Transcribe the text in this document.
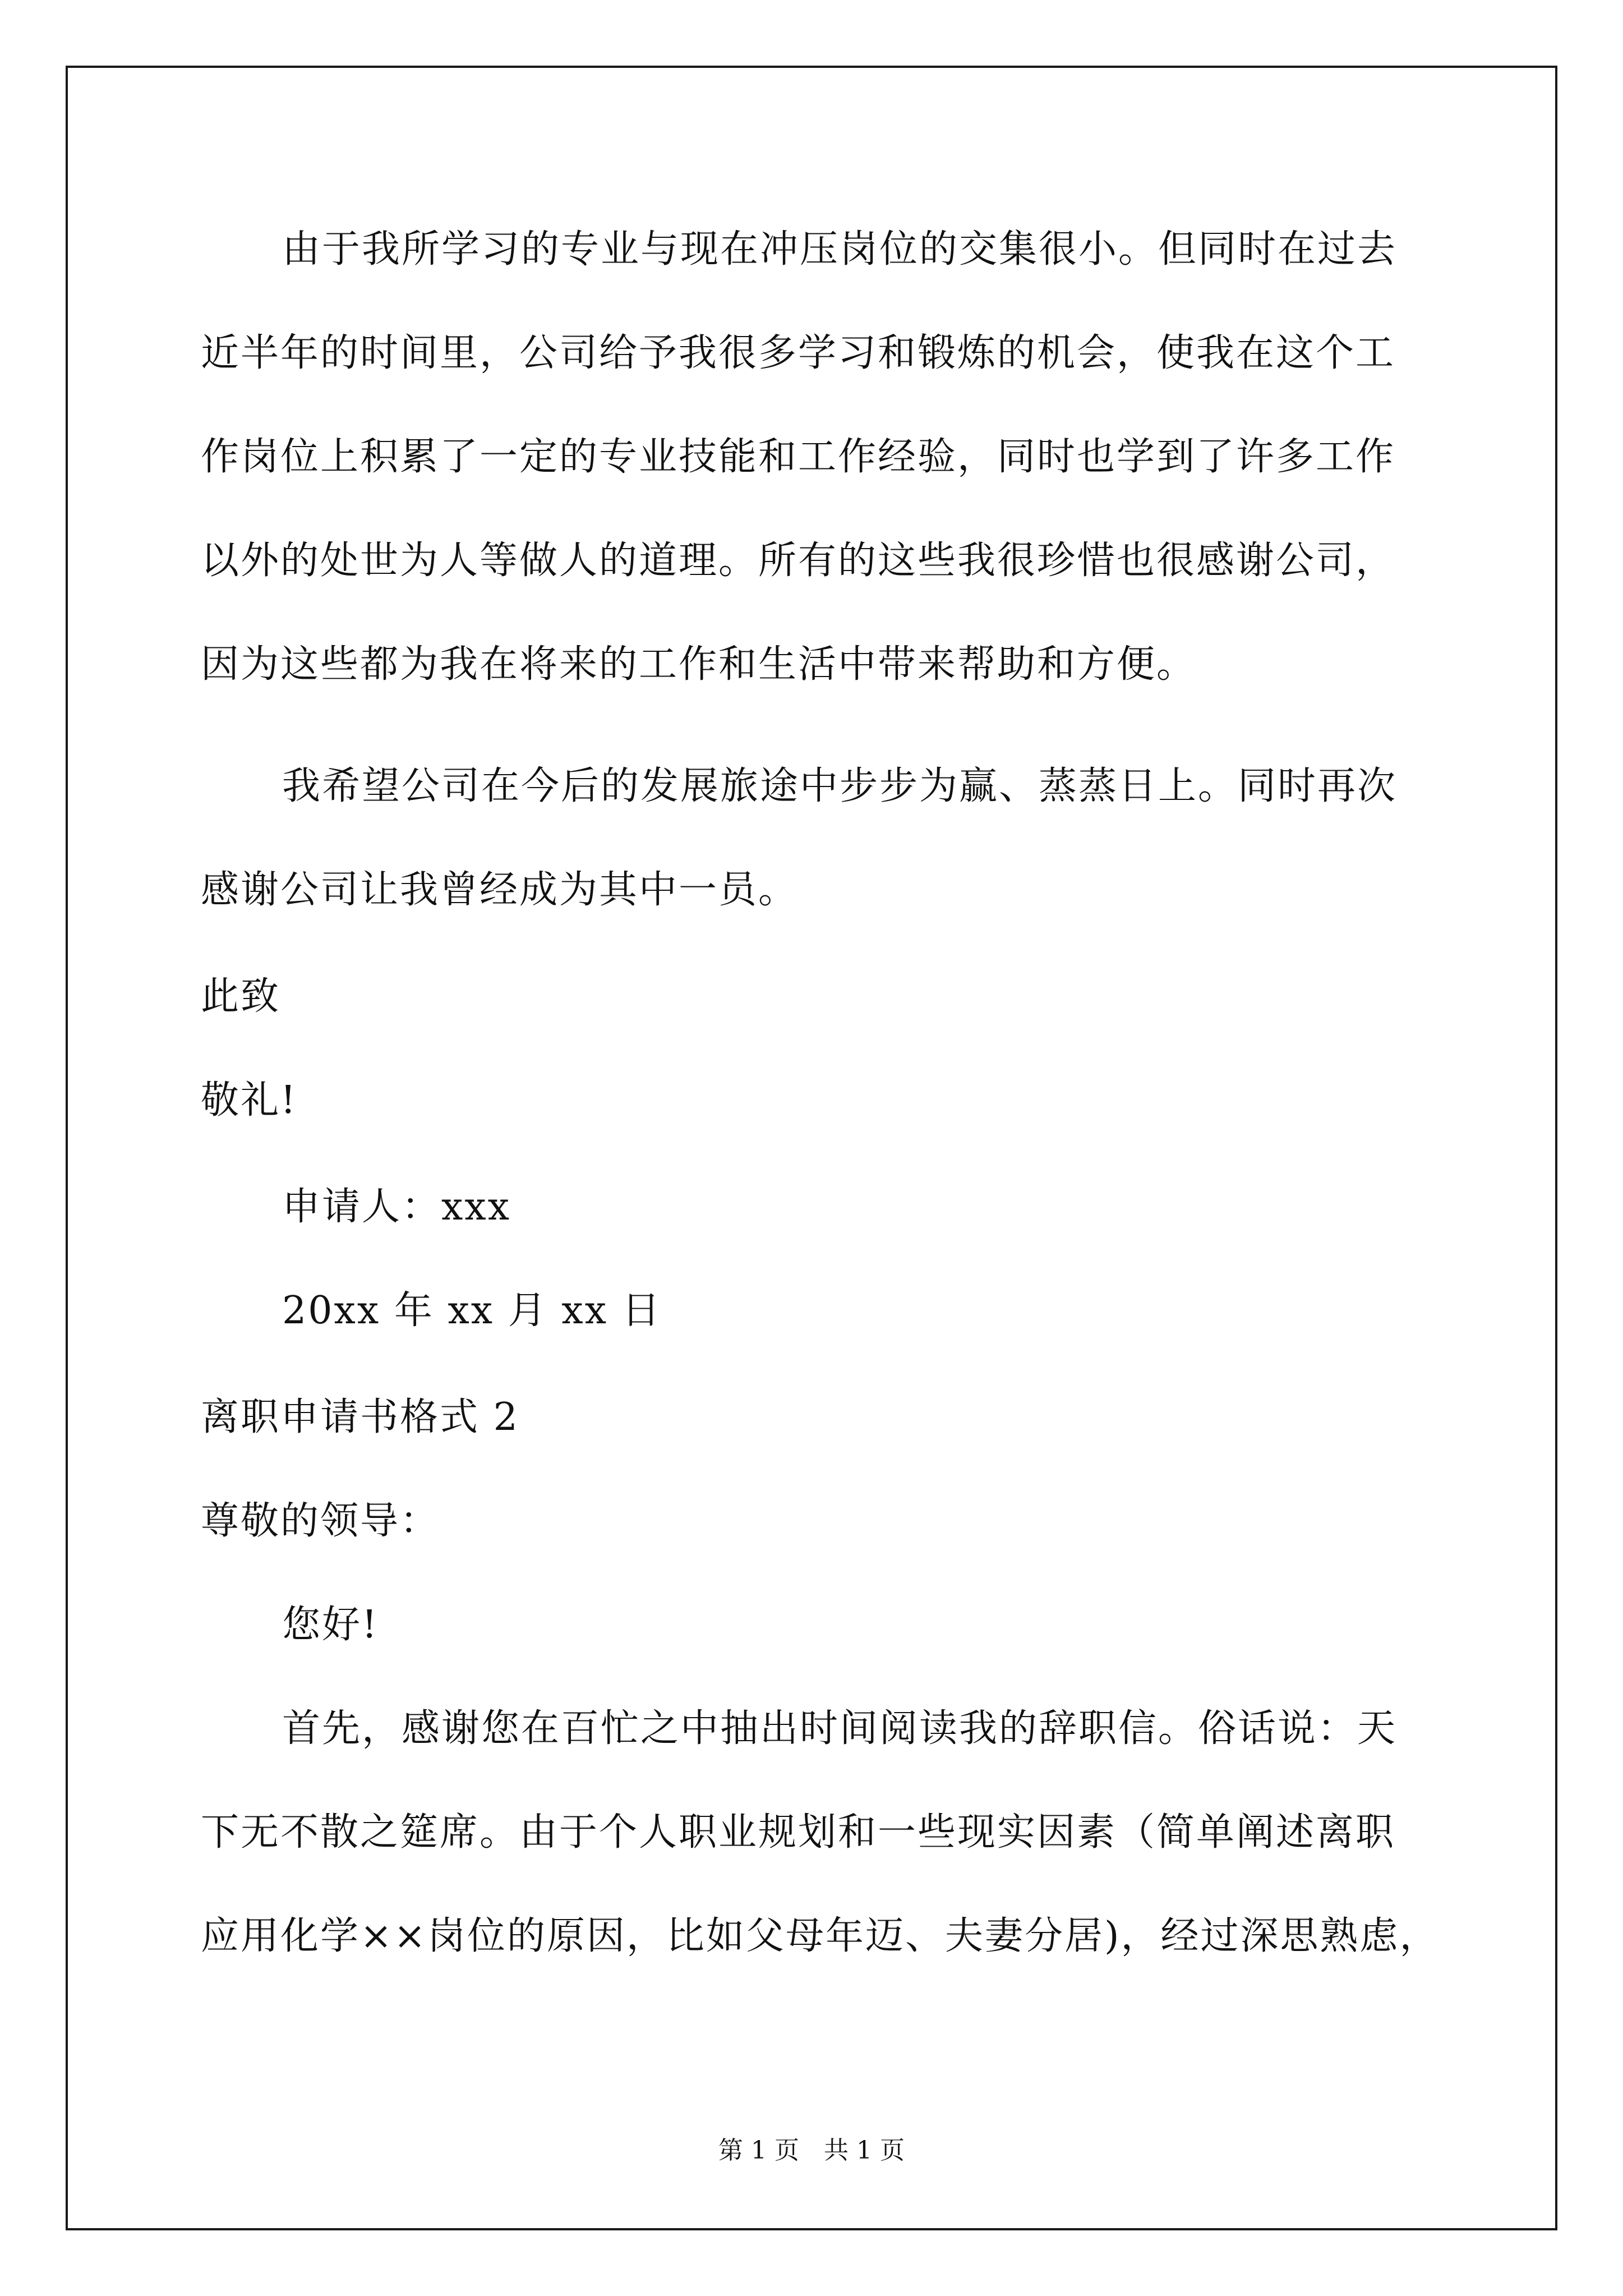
由于我所学习的专业与现在冲压岗位的交集很小。但同时在过去
近半年的时间里，公司给予我很多学习和锻炼的机会，使我在这个工
作岗位上积累了一定的专业技能和工作经验，同时也学到了许多工作
以外的处世为人等做人的道理。所有的这些我很珍惜也很感谢公司，
因为这些都为我在将来的工作和生活中带来帮助和方便。
我希望公司在今后的发展旅途中步步为赢、蒸蒸日上。同时再次
感谢公司让我曾经成为其中一员。
此致
敬礼!
申请人：xxx
20xx 年 xx 月 xx 日
离职申请书格式 2
尊敬的领导：
您好!
首先，感谢您在百忙之中抽出时间阅读我的辞职信。俗话说：天
下无不散之筵席。由于个人职业规划和一些现实因素（简单阐述离职
应用化学××岗位的原因，比如父母年迈、夫妻分居)，经过深思熟虑，
第 1 页　共 1 页
